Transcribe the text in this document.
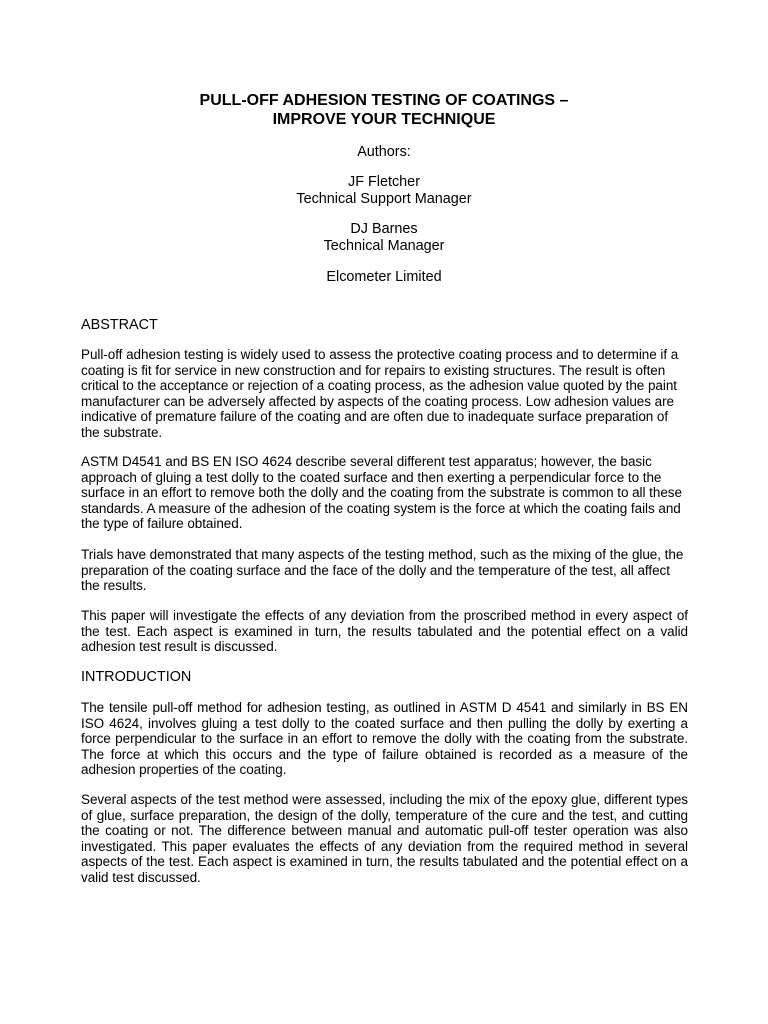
PULL-OFF ADHESION TESTING OF COATINGS –
IMPROVE YOUR TECHNIQUE
Authors:
JF Fletcher
Technical Support Manager
DJ Barnes
Technical Manager
Elcometer Limited
ABSTRACT

Pull-off adhesion testing is widely used to assess the protective coating process and to determine if a coating is fit for service in new construction and for repairs to existing structures. The result is often critical to the acceptance or rejection of a coating process, as the adhesion value quoted by the paint manufacturer can be adversely affected by aspects of the coating process. Low adhesion values are indicative of premature failure of the coating and are often due to inadequate surface preparation of the substrate.

ASTM D4541 and BS EN ISO 4624 describe several different test apparatus; however, the basic approach of gluing a test dolly to the coated surface and then exerting a perpendicular force to the surface in an effort to remove both the dolly and the coating from the substrate is common to all these standards. A measure of the adhesion of the coating system is the force at which the coating fails and the type of failure obtained.

Trials have demonstrated that many aspects of the testing method, such as the mixing of the glue, the preparation of the coating surface and the face of the dolly and the temperature of the test, all affect the results.

This paper will investigate the effects of any deviation from the proscribed method in every aspect of the test. Each aspect is examined in turn, the results tabulated and the potential effect on a valid adhesion test result is discussed.

INTRODUCTION

The tensile pull-off method for adhesion testing, as outlined in ASTM D 4541 and similarly in BS EN ISO 4624, involves gluing a test dolly to the coated surface and then pulling the dolly by exerting a force perpendicular to the surface in an effort to remove the dolly with the coating from the substrate. The force at which this occurs and the type of failure obtained is recorded as a measure of the adhesion properties of the coating.

Several aspects of the test method were assessed, including the mix of the epoxy glue, different types of glue, surface preparation, the design of the dolly, temperature of the cure and the test, and cutting the coating or not. The difference between manual and automatic pull-off tester operation was also investigated. This paper evaluates the effects of any deviation from the required method in several aspects of the test. Each aspect is examined in turn, the results tabulated and the potential effect on a valid test discussed.
